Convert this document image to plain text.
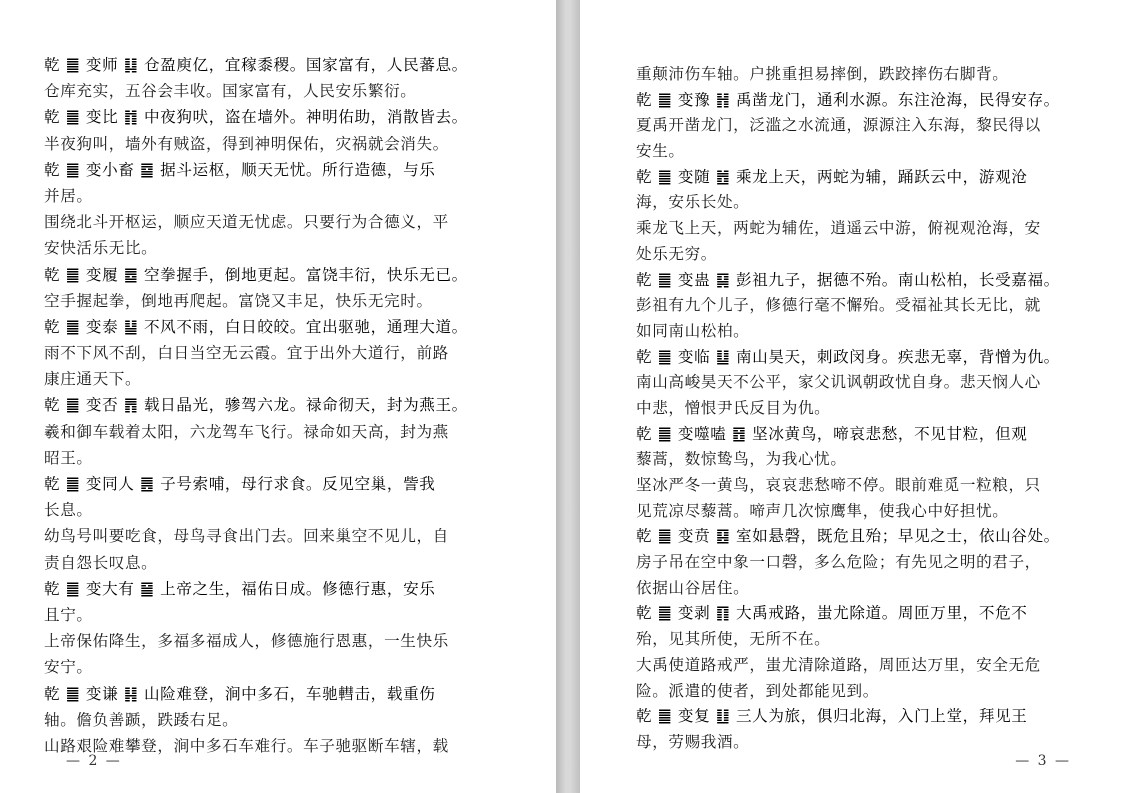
乾 ䷀ 变师 ䷆ 仓盈庾亿，宜稼黍稷。国家富有，人民蕃息。
仓库充实，五谷会丰收。国家富有，人民安乐繁衍。
乾 ䷀ 变比 ䷇ 中夜狗吠，盗在墙外。神明佑助，消散皆去。
半夜狗叫，墙外有贼盗，得到神明保佑，灾祸就会消失。
乾 ䷀ 变小畜 ䷈ 据斗运枢，顺天无忧。所行造德，与乐
并居。
围绕北斗开枢运，顺应天道无忧虑。只要行为合德义，平
安快活乐无比。
乾 ䷀ 变履 ䷉ 空拳握手，倒地更起。富饶丰衍，快乐无已。
空手握起拳，倒地再爬起。富饶又丰足，快乐无完时。
乾 ䷀ 变泰 ䷊ 不风不雨，白日皎皎。宜出驱驰，通理大道。
雨不下风不刮，白日当空无云霞。宜于出外大道行，前路
康庄通天下。
乾 ䷀ 变否 ䷋ 载日晶光，骖驾六龙。禄命彻天，封为燕王。
羲和御车载着太阳，六龙驾车飞行。禄命如天高，封为燕
昭王。
乾 ䷀ 变同人 ䷌ 子号索哺，母行求食。反见空巢，訾我
长息。
幼鸟号叫要吃食，母鸟寻食出门去。回来巢空不见儿，自
责自怨长叹息。
乾 ䷀ 变大有 ䷍ 上帝之生，福佑日成。修德行惠，安乐
且宁。
上帝保佑降生，多福多福成人，修德施行恩惠，一生快乐
安宁。
乾 ䷀ 变谦 ䷎ 山险难登，涧中多石，车驰轊击，载重伤
轴。儋负善踬，跌踒右足。
山路艰险难攀登，涧中多石车难行。车子驰驱断车辖，载
— 2 —
重颠沛伤车轴。户挑重担易摔倒，跌跤摔伤右脚背。
乾 ䷀ 变豫 ䷏ 禹凿龙门，通利水源。东注沧海，民得安存。
夏禹开凿龙门，泛滥之水流通，源源注入东海，黎民得以
安生。
乾 ䷀ 变随 ䷐ 乘龙上天，两蛇为辅，踊跃云中，游观沧
海，安乐长处。
乘龙飞上天，两蛇为辅佐，逍遥云中游，俯视观沧海，安
处乐无穷。
乾 ䷀ 变蛊 ䷑ 彭祖九子，据德不殆。南山松柏，长受嘉福。
彭祖有九个儿子，修德行毫不懈殆。受福祉其长无比，就
如同南山松柏。
乾 ䷀ 变临 ䷒ 南山昊天，刺政闵身。疾悲无辜，背憎为仇。
南山高峻昊天不公平，家父讥讽朝政忧自身。悲天悯人心
中悲，憎恨尹氏反目为仇。
乾 ䷀ 变噬嗑 ䷔ 坚冰黄鸟，啼哀悲愁，不见甘粒，但观
藜蒿，数惊鸷鸟，为我心忧。
坚冰严冬一黄鸟，哀哀悲愁啼不停。眼前难觅一粒粮，只
见荒凉尽藜蒿。啼声几次惊鹰隼，使我心中好担忧。
乾 ䷀ 变贲 ䷕ 室如悬磬，既危且殆；早见之士，依山谷处。
房子吊在空中象一口磬，多么危险；有先见之明的君子，
依据山谷居住。
乾 ䷀ 变剥 ䷖ 大禹戒路，蚩尤除道。周匝万里，不危不
殆，见其所使，无所不在。
大禹使道路戒严，蚩尤清除道路，周匝达万里，安全无危
险。派遣的使者，到处都能见到。
乾 ䷀ 变复 ䷗ 三人为旅，俱归北海，入门上堂，拜见王
母，劳赐我酒。
— 3 —
